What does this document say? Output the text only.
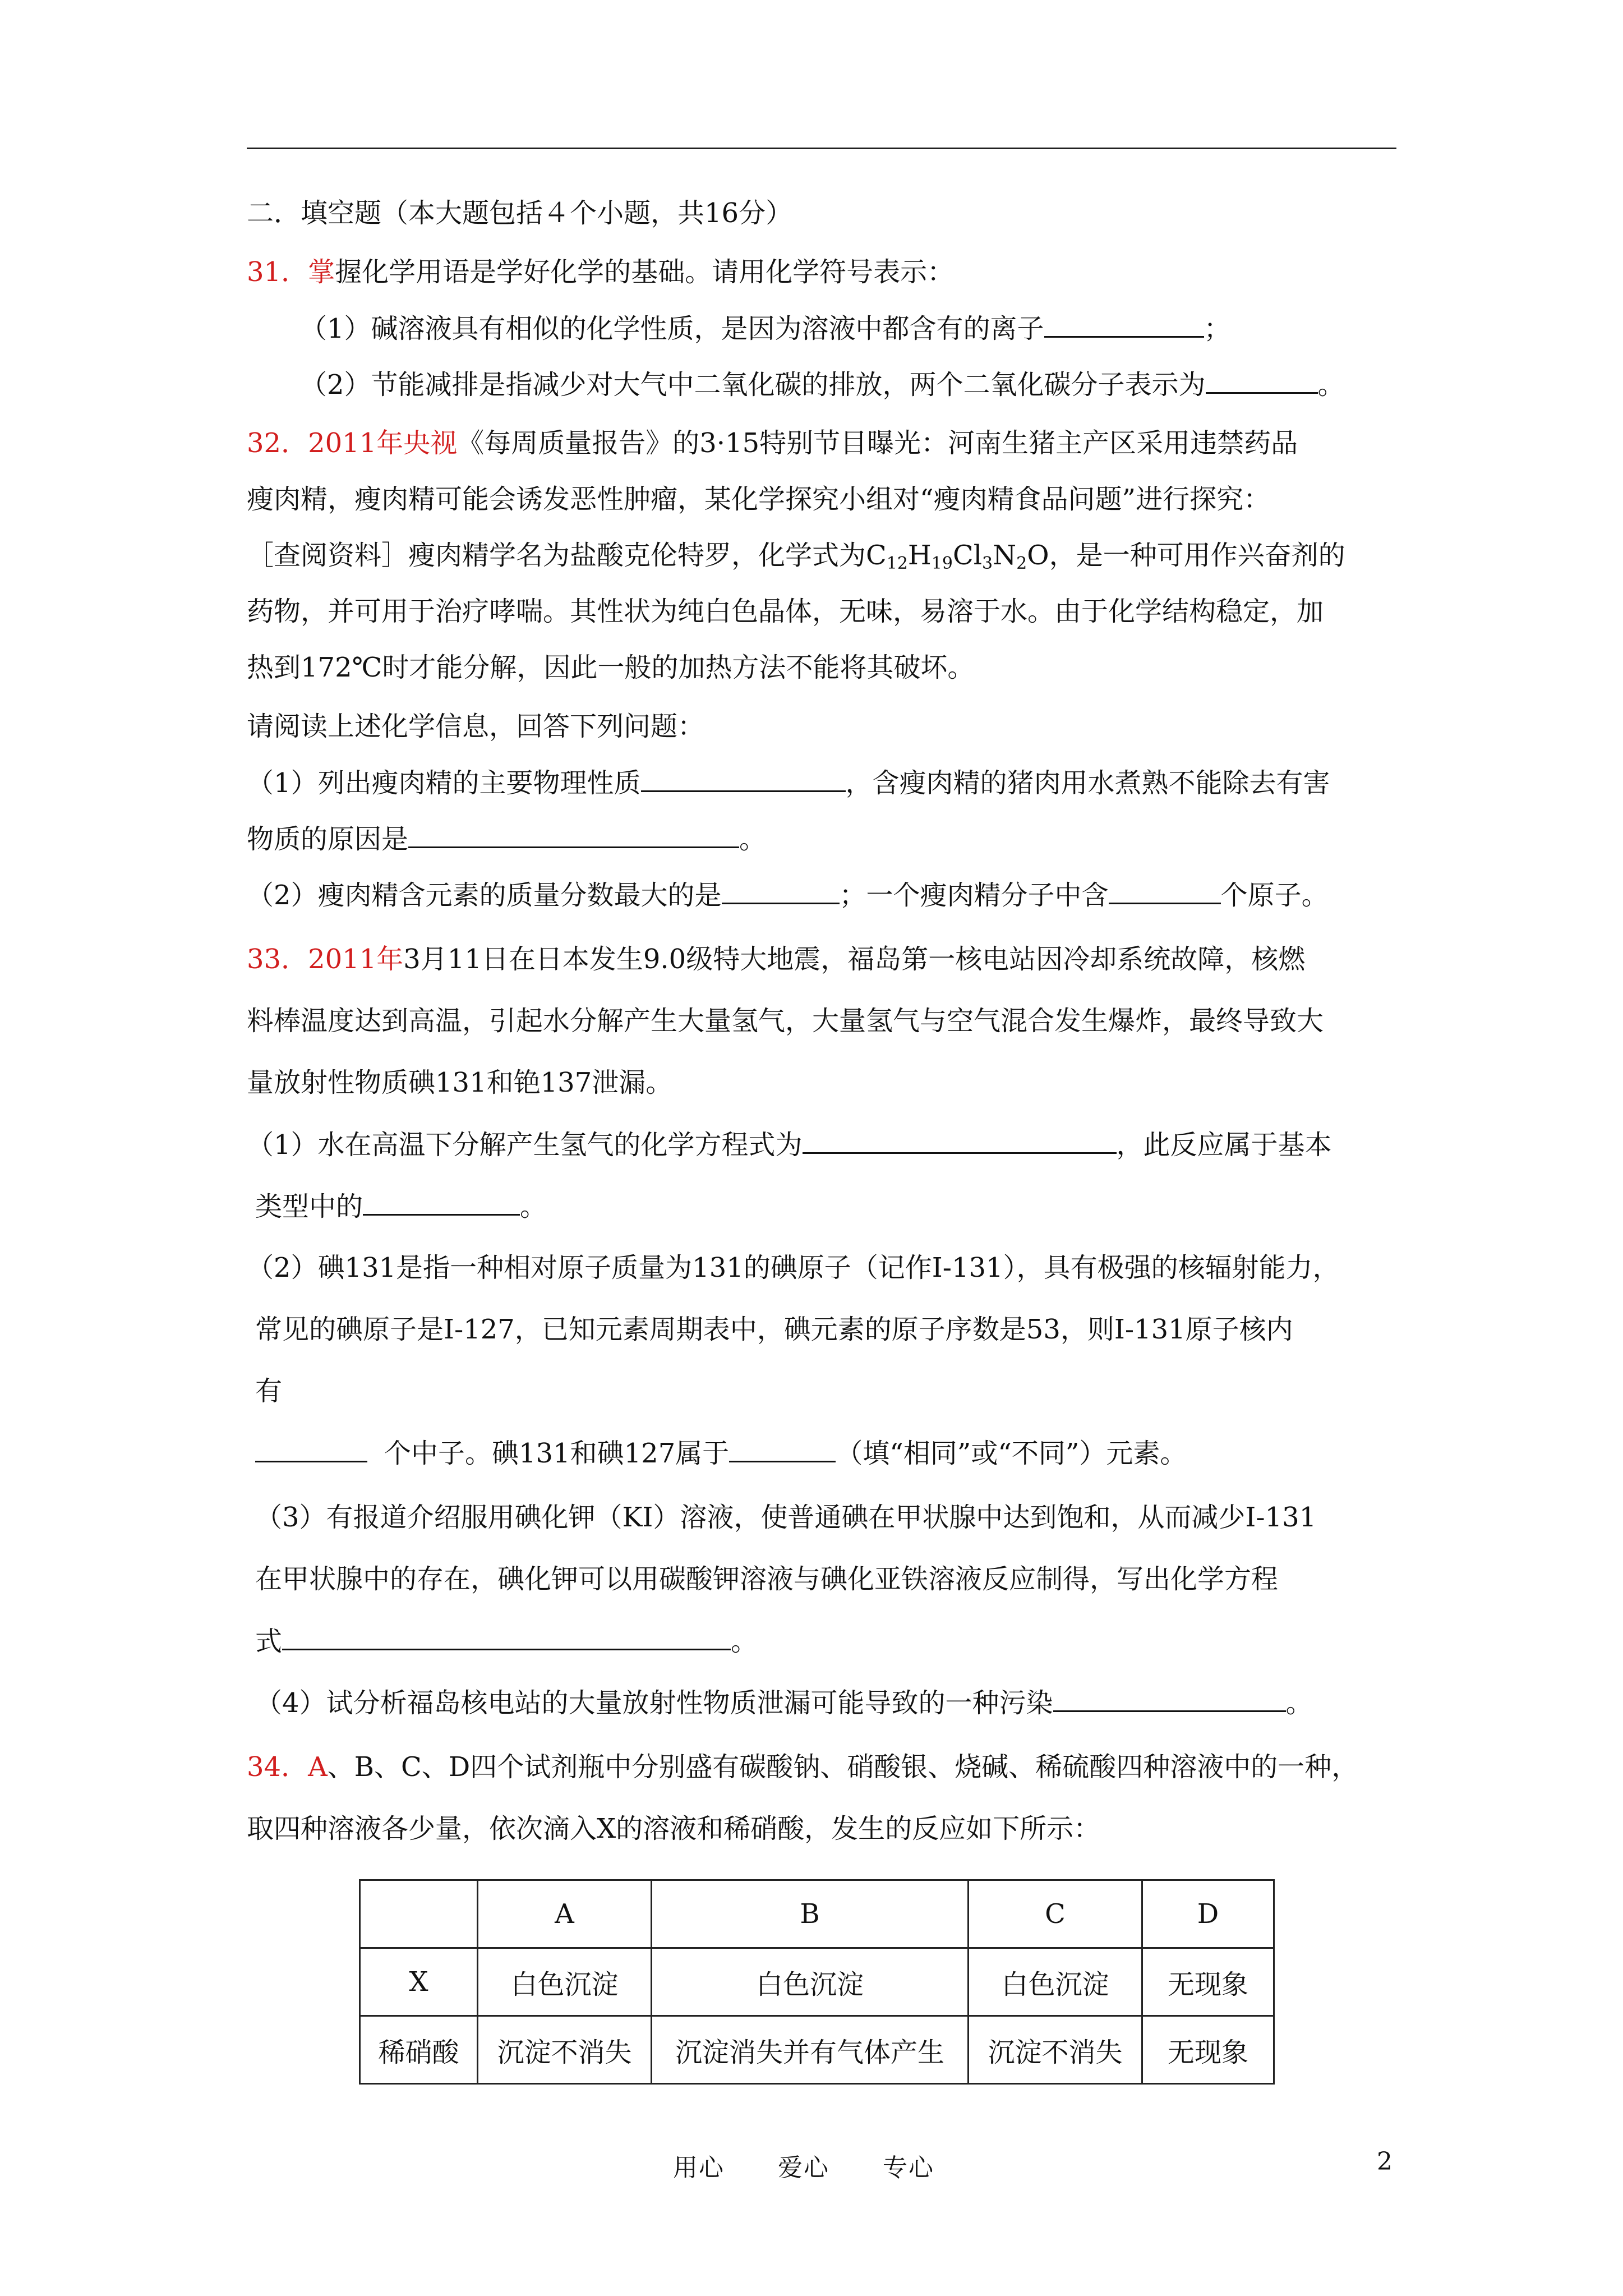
二．填空题（本大题包括４个小题，共16分）
31．掌握化学用语是学好化学的基础。请用化学符号表示：
（1）碱溶液具有相似的化学性质，是因为溶液中都含有的离子	；
（2）节能减排是指减少对大气中二氧化碳的排放，两个二氧化碳分子表示为	。
32．2011年央视《每周质量报告》的3·15特别节目曝光：河南生猪主产区采用违禁药品
瘦肉精，瘦肉精可能会诱发恶性肿瘤，某化学探究小组对“瘦肉精食品问题”进行探究：
［查阅资料］瘦肉精学名为盐酸克伦特罗，化学式为$C_{12}H_{19}Cl_3N_2O$，是一种可用作兴奋剂的
药物，并可用于治疗哮喘。其性状为纯白色晶体，无味，易溶于水。由于化学结构稳定，加
热到172℃时才能分解，因此一般的加热方法不能将其破坏。
请阅读上述化学信息，回答下列问题：
（1）列出瘦肉精的主要物理性质	，含瘦肉精的猪肉用水煮熟不能除去有害
物质的原因是	。
（2）瘦肉精含元素的质量分数最大的是	；一个瘦肉精分子中含	个原子。
33．2011年3月11日在日本发生9.0级特大地震，福岛第一核电站因冷却系统故障，核燃
料棒温度达到高温，引起水分解产生大量氢气，大量氢气与空气混合发生爆炸，最终导致大
量放射性物质碘131和铯137泄漏。
（1）水在高温下分解产生氢气的化学方程式为	，此反应属于基本
类型中的	。
（2）碘131是指一种相对原子质量为131的碘原子（记作I-131），具有极强的核辐射能力，
常见的碘原子是I-127，已知元素周期表中，碘元素的原子序数是53，则I-131原子核内
有
个中子。碘131和碘127属于	（填“相同”或“不同”）元素。
（3）有报道介绍服用碘化钾（KI）溶液，使普通碘在甲状腺中达到饱和，从而减少I-131
在甲状腺中的存在，碘化钾可以用碳酸钾溶液与碘化亚铁溶液反应制得，写出化学方程
式	。
（4）试分析福岛核电站的大量放射性物质泄漏可能导致的一种污染	。
34．A、B、C、D四个试剂瓶中分别盛有碳酸钠、硝酸银、烧碱、稀硫酸四种溶液中的一种，
取四种溶液各少量，依次滴入X的溶液和稀硝酸，发生的反应如下所示：
	A	B	C	D
X	白色沉淀	白色沉淀	白色沉淀	无现象
稀硝酸	沉淀不消失	沉淀消失并有气体产生	沉淀不消失	无现象
用心 爱心 专心	2
